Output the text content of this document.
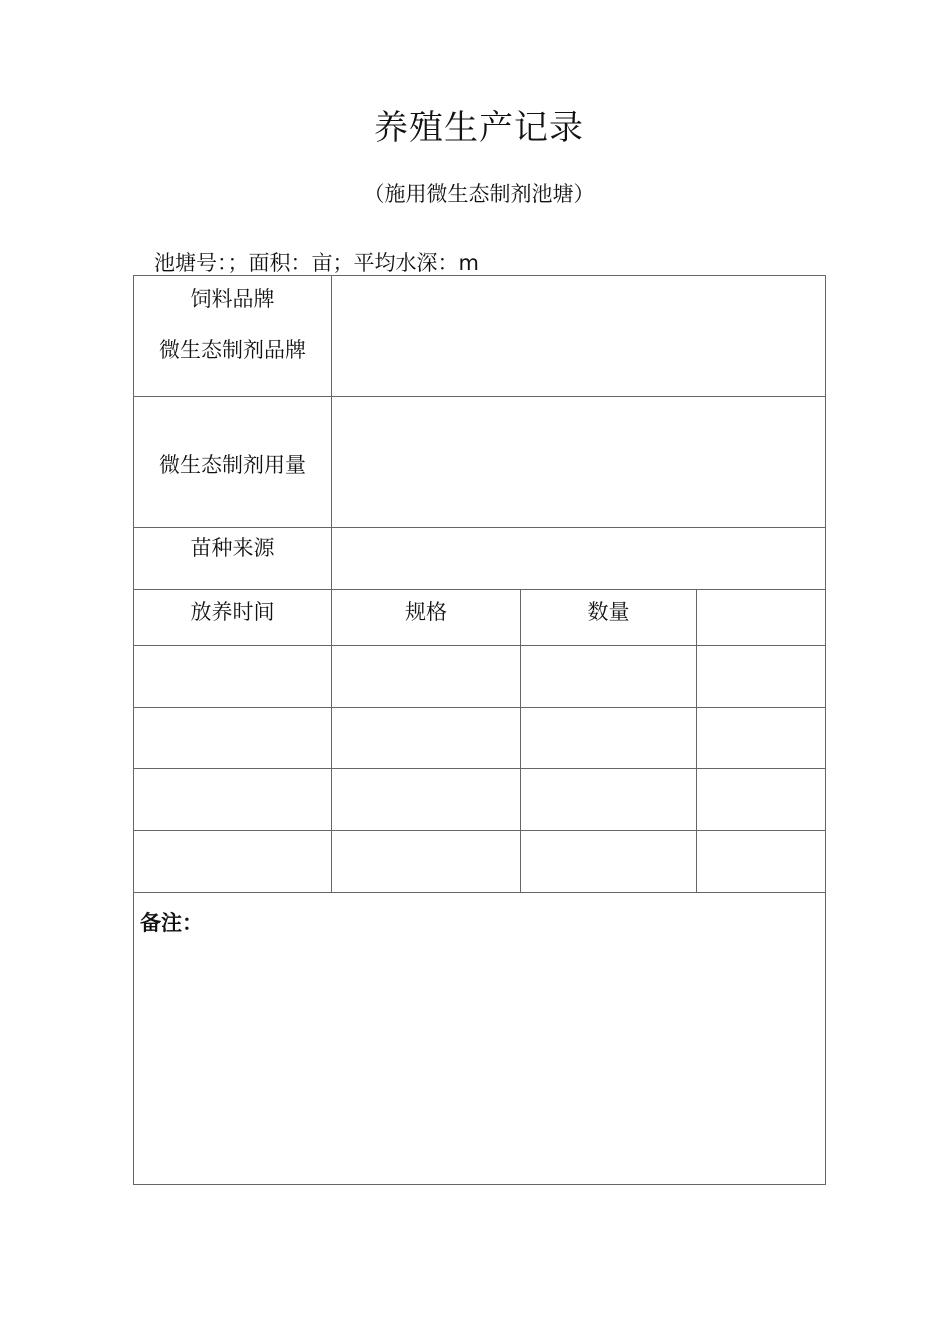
养殖生产记录
（施用微生态制剂池塘）
池塘号：；面积：亩；平均水深：m
饲料品牌
微生态制剂品牌			

微生态制剂用量			
苗种来源			
放养时间	规格	数量	

备注：			
